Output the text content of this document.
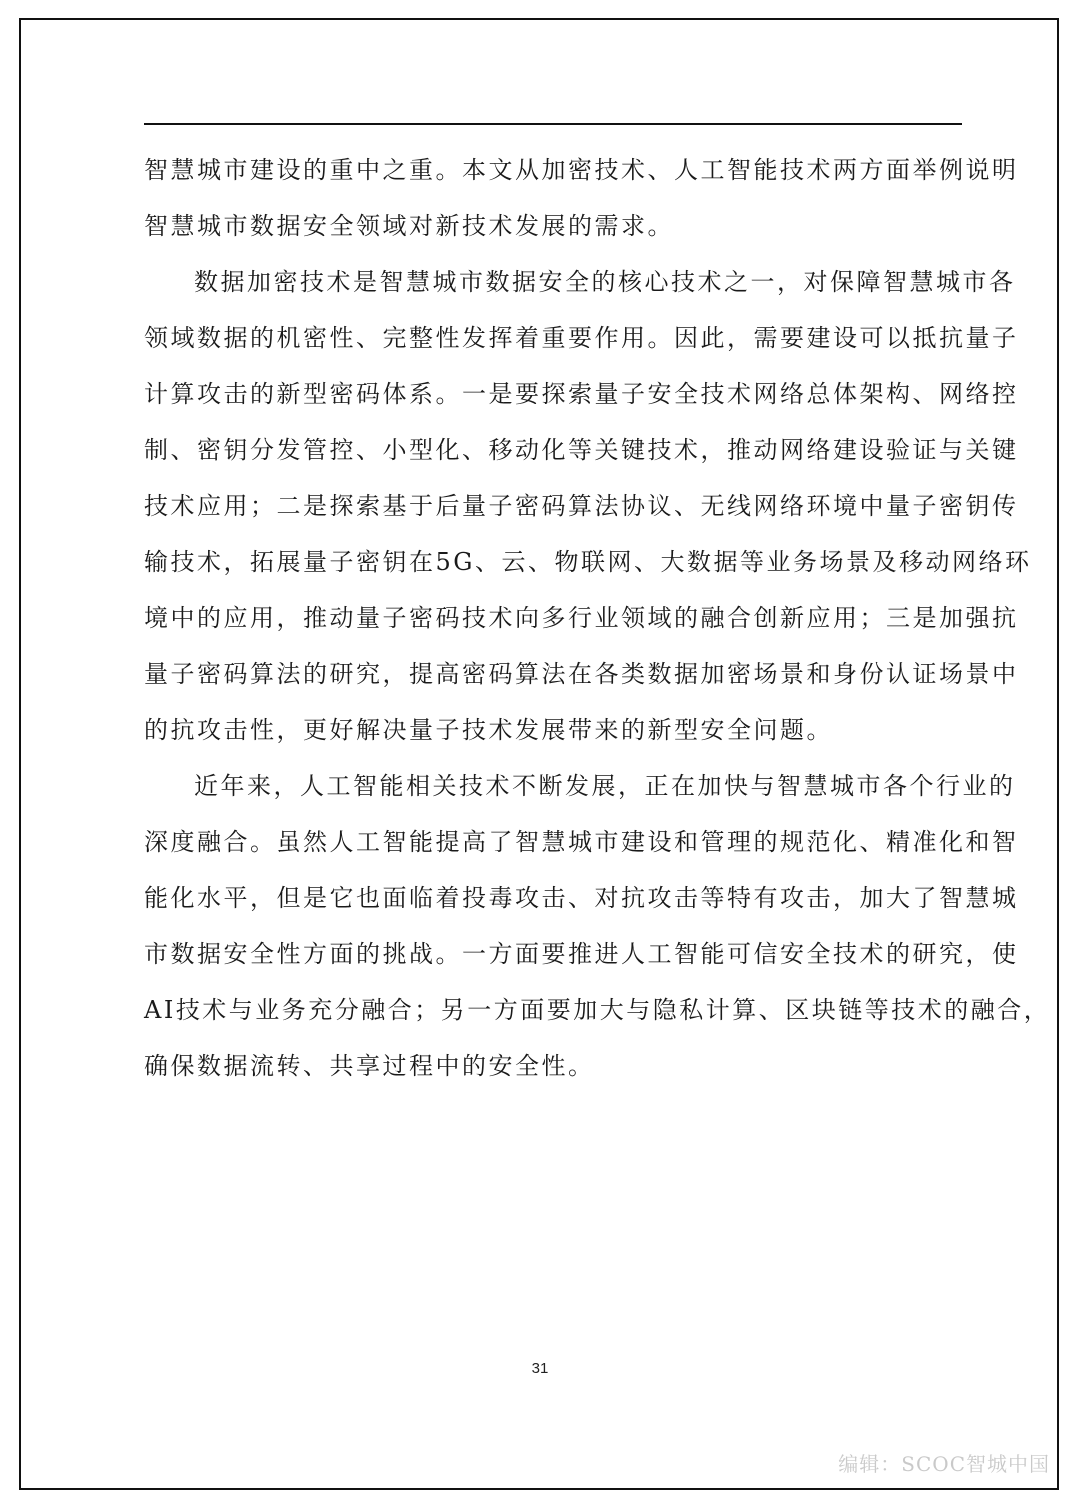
智慧城市建设的重中之重。本文从加密技术、人工智能技术两方面举例说明
智慧城市数据安全领域对新技术发展的需求。
数据加密技术是智慧城市数据安全的核心技术之一，对保障智慧城市各
领域数据的机密性、完整性发挥着重要作用。因此，需要建设可以抵抗量子
计算攻击的新型密码体系。一是要探索量子安全技术网络总体架构、网络控
制、密钥分发管控、小型化、移动化等关键技术，推动网络建设验证与关键
技术应用；二是探索基于后量子密码算法协议、无线网络环境中量子密钥传
输技术，拓展量子密钥在5G、云、物联网、大数据等业务场景及移动网络环
境中的应用，推动量子密码技术向多行业领域的融合创新应用；三是加强抗
量子密码算法的研究，提高密码算法在各类数据加密场景和身份认证场景中
的抗攻击性，更好解决量子技术发展带来的新型安全问题。
近年来，人工智能相关技术不断发展，正在加快与智慧城市各个行业的
深度融合。虽然人工智能提高了智慧城市建设和管理的规范化、精准化和智
能化水平，但是它也面临着投毒攻击、对抗攻击等特有攻击，加大了智慧城
市数据安全性方面的挑战。一方面要推进人工智能可信安全技术的研究，使
AI技术与业务充分融合；另一方面要加大与隐私计算、区块链等技术的融合，
确保数据流转、共享过程中的安全性。
31
编辑：SCOC智城中国
